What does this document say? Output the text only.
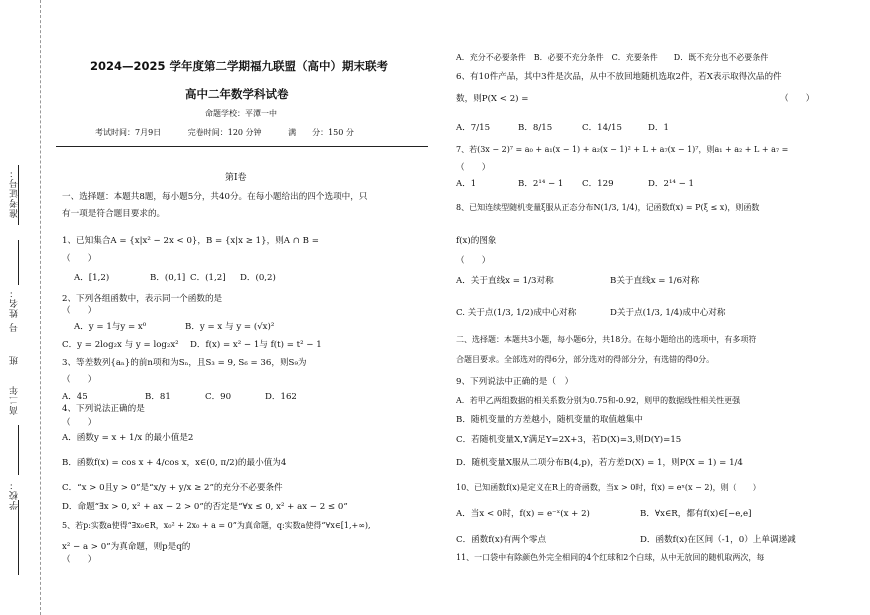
准考证号：
姓名：
号
班
高二年
学校：
2024—2025 学年度第二学期福九联盟（高中）期末联考
高中二年数学科试卷
命题学校：平潭一中
考试时间：7月9日	完卷时间：120 分钟	满　　分：150 分
第Ⅰ卷
一、选择题：本题共8题，每小题5分，共40分。在每小题给出的四个选项中，只
有一项是符合题目要求的。
1、已知集合A = {x|x² − 2x < 0}，B = {x|x ≥ 1}，则A ∩ B =
（　　）
A．[1,2)	B．(0,1] C．(1,2] D．(0,2)
2、下列各组函数中，表示同一个函数的是
（　　）
A．y = 1与y = x⁰	B．y = x 与 y = (√x)²
C．y = 2log₂x 与 y = log₂x² D．f(x) = x² − 1与 f(t) = t² − 1
3、等差数列{aₙ}的前n项和为Sₙ，且S₃ = 9, S₆ = 36，则S₉为
（　　）
A．45	B．81	C．90	D．162
4、下列说法正确的是
（　　）
A．函数y = x + 1/x 的最小值是2
B．函数f(x) = cos x + 4/cos x，x∈(0, π/2)的最小值为4
C．“x > 0且y > 0”是“x/y + y/x ≥ 2”的充分不必要条件
D．命题“∃x > 0, x² + ax − 2 > 0”的否定是“∀x ≤ 0, x² + ax − 2 ≤ 0”
5、若p:实数a使得“∃x₀∈R，x₀² + 2x₀ + a = 0”为真命题，q:实数a使得“∀x∈[1,+∞),
x² − a > 0”为真命题，则p是q的
（　　）
A．充分不必要条件　B．必要不充分条件　C．充要条件　　D．既不充分也不必要条件
6、有10件产品，其中3件是次品，从中不放回地随机选取2件，若X表示取得次品的件
数，则P(X < 2) =	（　　）
A．7/15	B．8/15	C．14/15	D．1
7、若(3x − 2)⁷ = a₀ + a₁(x − 1) + a₂(x − 1)² + L + a₇(x − 1)⁷，则a₁ + a₂ + L + a₇ =
（　　）
A．1	B．2¹⁴ − 1 C．129	D．2¹⁴ − 1
8、已知连续型随机变量ξ服从正态分布N(1/3, 1/4)，记函数f(x) = P(ξ ≤ x)，则函数
f(x)的图象
（　　）
A．关于直线x = 1/3对称	B关于直线x = 1/6对称
C. 关于点(1/3, 1/2)成中心对称	D关于点(1/3, 1/4)成中心对称
二、选择题：本题共3小题，每小题6分，共18分。在每小题给出的选项中，有多项符
合题目要求。全部选对的得6分，部分选对的得部分分，有选错的得0分。
9、下列说法中正确的是（　）
A．若甲乙两组数据的相关系数分别为0.75和-0.92，则甲的数据线性相关性更强
B．随机变量的方差越小，随机变量的取值越集中
C．若随机变量X,Y满足Y=2X+3，若D(X)=3,则D(Y)=15
D．随机变量X服从二项分布B(4,p)，若方差D(X) = 1，则P(X = 1) = 1/4
10、已知函数f(x)是定义在R上的奇函数，当x > 0时，f(x) = eˣ(x − 2)，则（　　）
A．当x < 0时，f(x) = e⁻ˣ(x + 2)	B．∀x∈R，都有f(x)∈[−e,e]
C．函数f(x)有两个零点	D．函数f(x)在区间（-1，0）上单调递减
11、一口袋中有除颜色外完全相同的4个红球和2个白球，从中无放回的随机取两次，每
